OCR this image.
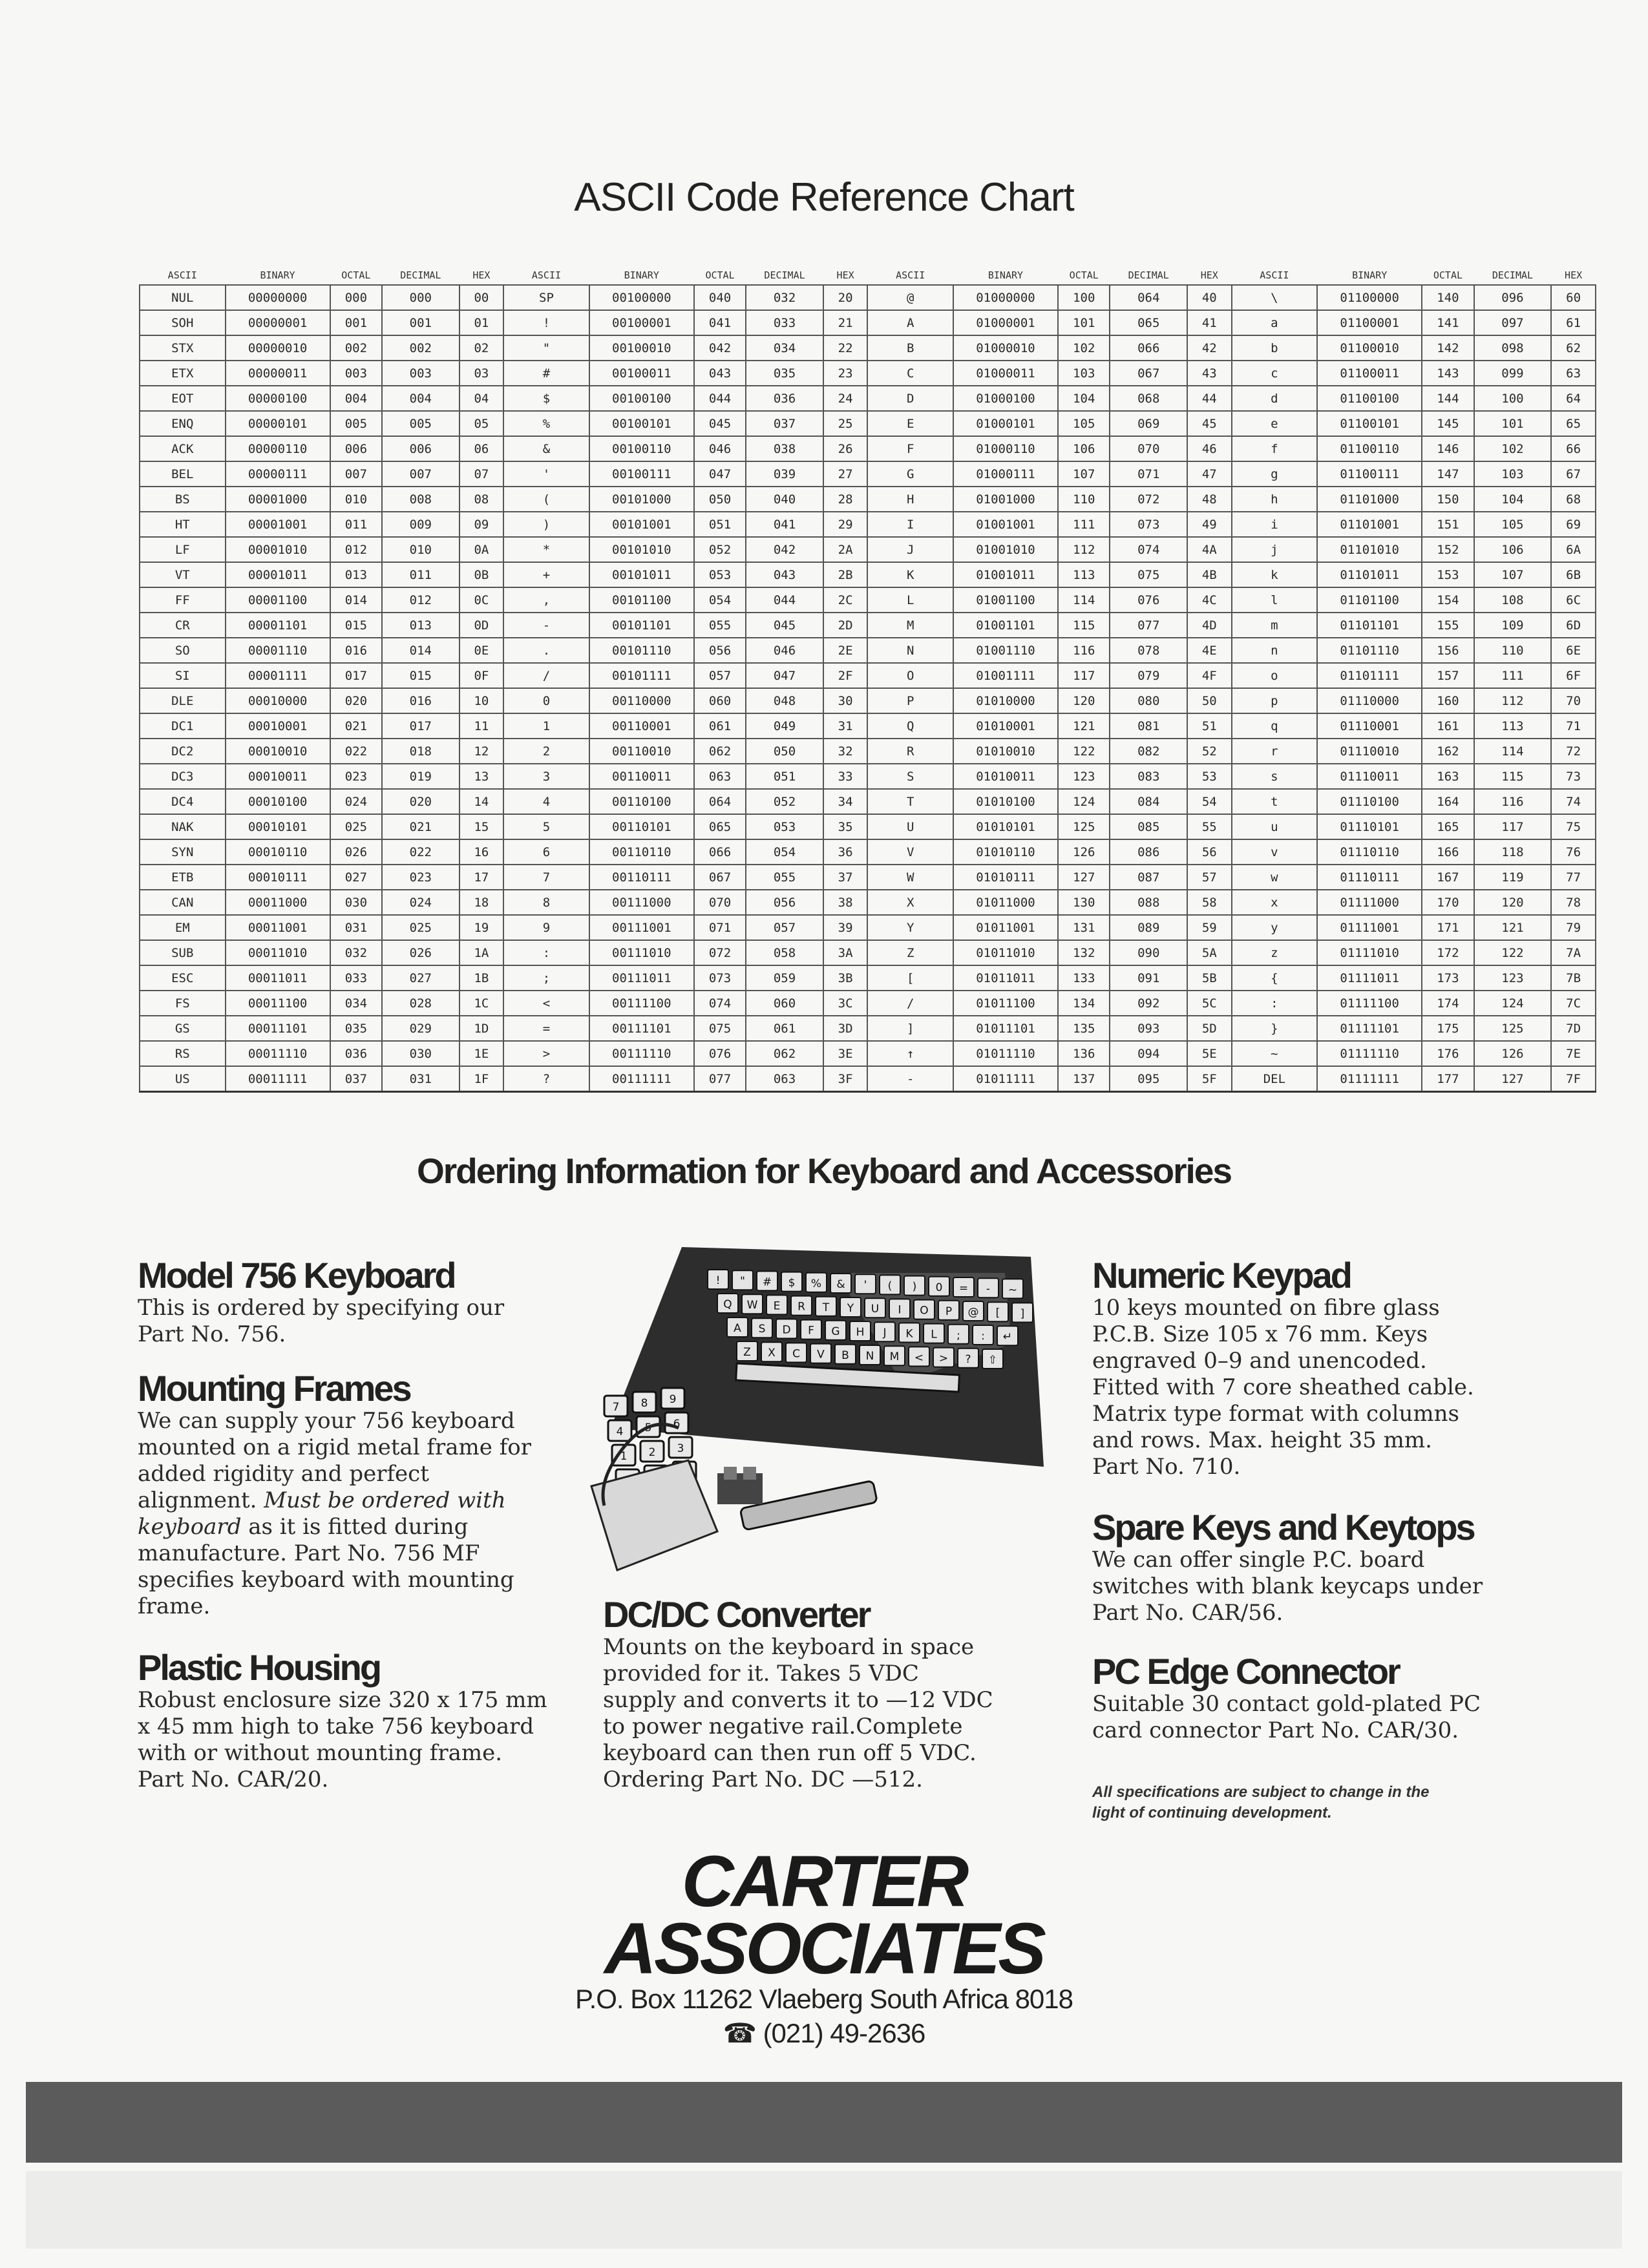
ASCII Code Reference Chart
ASCII	BINARY	OCTAL	DECIMAL	HEX	ASCII	BINARY	OCTAL	DECIMAL	HEX	ASCII	BINARY	OCTAL	DECIMAL	HEX	ASCII	BINARY	OCTAL	DECIMAL	HEX
NUL	00000000	000	000	00	SP	00100000	040	032	20	@	01000000	100	064	40	\	01100000	140	096	60
SOH	00000001	001	001	01	!	00100001	041	033	21	A	01000001	101	065	41	a	01100001	141	097	61
STX	00000010	002	002	02	"	00100010	042	034	22	B	01000010	102	066	42	b	01100010	142	098	62
ETX	00000011	003	003	03	#	00100011	043	035	23	C	01000011	103	067	43	c	01100011	143	099	63
EOT	00000100	004	004	04	$	00100100	044	036	24	D	01000100	104	068	44	d	01100100	144	100	64
ENQ	00000101	005	005	05	%	00100101	045	037	25	E	01000101	105	069	45	e	01100101	145	101	65
ACK	00000110	006	006	06	&	00100110	046	038	26	F	01000110	106	070	46	f	01100110	146	102	66
BEL	00000111	007	007	07	'	00100111	047	039	27	G	01000111	107	071	47	g	01100111	147	103	67
BS	00001000	010	008	08	(	00101000	050	040	28	H	01001000	110	072	48	h	01101000	150	104	68
HT	00001001	011	009	09	)	00101001	051	041	29	I	01001001	111	073	49	i	01101001	151	105	69
LF	00001010	012	010	0A	*	00101010	052	042	2A	J	01001010	112	074	4A	j	01101010	152	106	6A
VT	00001011	013	011	0B	+	00101011	053	043	2B	K	01001011	113	075	4B	k	01101011	153	107	6B
FF	00001100	014	012	0C	,	00101100	054	044	2C	L	01001100	114	076	4C	l	01101100	154	108	6C
CR	00001101	015	013	0D	-	00101101	055	045	2D	M	01001101	115	077	4D	m	01101101	155	109	6D
SO	00001110	016	014	0E	.	00101110	056	046	2E	N	01001110	116	078	4E	n	01101110	156	110	6E
SI	00001111	017	015	0F	/	00101111	057	047	2F	O	01001111	117	079	4F	o	01101111	157	111	6F
DLE	00010000	020	016	10	0	00110000	060	048	30	P	01010000	120	080	50	p	01110000	160	112	70
DC1	00010001	021	017	11	1	00110001	061	049	31	Q	01010001	121	081	51	q	01110001	161	113	71
DC2	00010010	022	018	12	2	00110010	062	050	32	R	01010010	122	082	52	r	01110010	162	114	72
DC3	00010011	023	019	13	3	00110011	063	051	33	S	01010011	123	083	53	s	01110011	163	115	73
DC4	00010100	024	020	14	4	00110100	064	052	34	T	01010100	124	084	54	t	01110100	164	116	74
NAK	00010101	025	021	15	5	00110101	065	053	35	U	01010101	125	085	55	u	01110101	165	117	75
SYN	00010110	026	022	16	6	00110110	066	054	36	V	01010110	126	086	56	v	01110110	166	118	76
ETB	00010111	027	023	17	7	00110111	067	055	37	W	01010111	127	087	57	w	01110111	167	119	77
CAN	00011000	030	024	18	8	00111000	070	056	38	X	01011000	130	088	58	x	01111000	170	120	78
EM	00011001	031	025	19	9	00111001	071	057	39	Y	01011001	131	089	59	y	01111001	171	121	79
SUB	00011010	032	026	1A	:	00111010	072	058	3A	Z	01011010	132	090	5A	z	01111010	172	122	7A
ESC	00011011	033	027	1B	;	00111011	073	059	3B	[	01011011	133	091	5B	{	01111011	173	123	7B
FS	00011100	034	028	1C	<	00111100	074	060	3C	/	01011100	134	092	5C	:	01111100	174	124	7C
GS	00011101	035	029	1D	=	00111101	075	061	3D	]	01011101	135	093	5D	}	01111101	175	125	7D
RS	00011110	036	030	1E	>	00111110	076	062	3E	↑	01011110	136	094	5E	~	01111110	176	126	7E
US	00011111	037	031	1F	?	00111111	077	063	3F	-	01011111	137	095	5F	DEL	01111111	177	127	7F
Ordering Information for Keyboard and Accessories
Model 756 Keyboard

This is ordered by specifying our
Part No. 756.

Mounting Frames

We can supply your 756 keyboard
mounted on a rigid metal frame for
added rigidity and perfect
alignment. Must be ordered with
keyboard as it is fitted during
manufacture. Part No. 756 MF
specifies keyboard with mounting
frame.

Plastic Housing

Robust enclosure size 320 x 175 mm
x 45 mm high to take 756 keyboard
with or without mounting frame.
Part No. CAR/20.

! " # $ % & ' ( ) 0 = - ~
Q W E R T Y U I O P @ [ ]
A S D F G H J K L ; : ↵
Z X C V B N M < > ? ⇧
7 8 9
4 5 6
1 2 3
DC/DC Converter

Mounts on the keyboard in space
provided for it. Takes 5 VDC
supply and converts it to —12 VDC
to power negative rail.Complete
keyboard can then run off 5 VDC.
Ordering Part No. DC —512.

Numeric Keypad

10 keys mounted on fibre glass
P.C.B. Size 105 x 76 mm. Keys
engraved 0–9 and unencoded.
Fitted with 7 core sheathed cable.
Matrix type format with columns
and rows. Max. height 35 mm.
Part No. 710.

Spare Keys and Keytops

We can offer single P.C. board
switches with blank keycaps under
Part No. CAR/56.

PC Edge Connector

Suitable 30 contact gold-plated PC
card connector Part No. CAR/30.

All specifications are subject to change in the
light of continuing development.
CARTER
ASSOCIATES
P.O. Box 11262 Vlaeberg South Africa 8018
☎ (021) 49-2636
